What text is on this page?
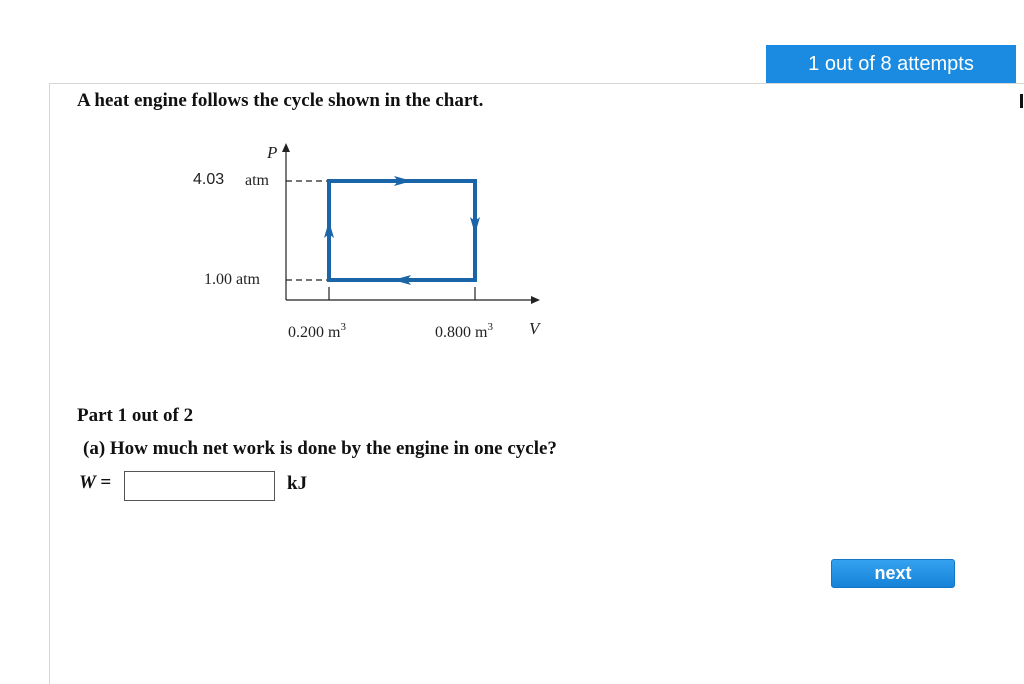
1 out of 8 attempts
A heat engine follows the cycle shown in the chart.
P
4.03 atm
1.00 atm
0.200 $m^3$	0.800 $m^3$ V
Part 1 out of 2
(a) How much net work is done by the engine in one cycle?
W =	kJ
next
